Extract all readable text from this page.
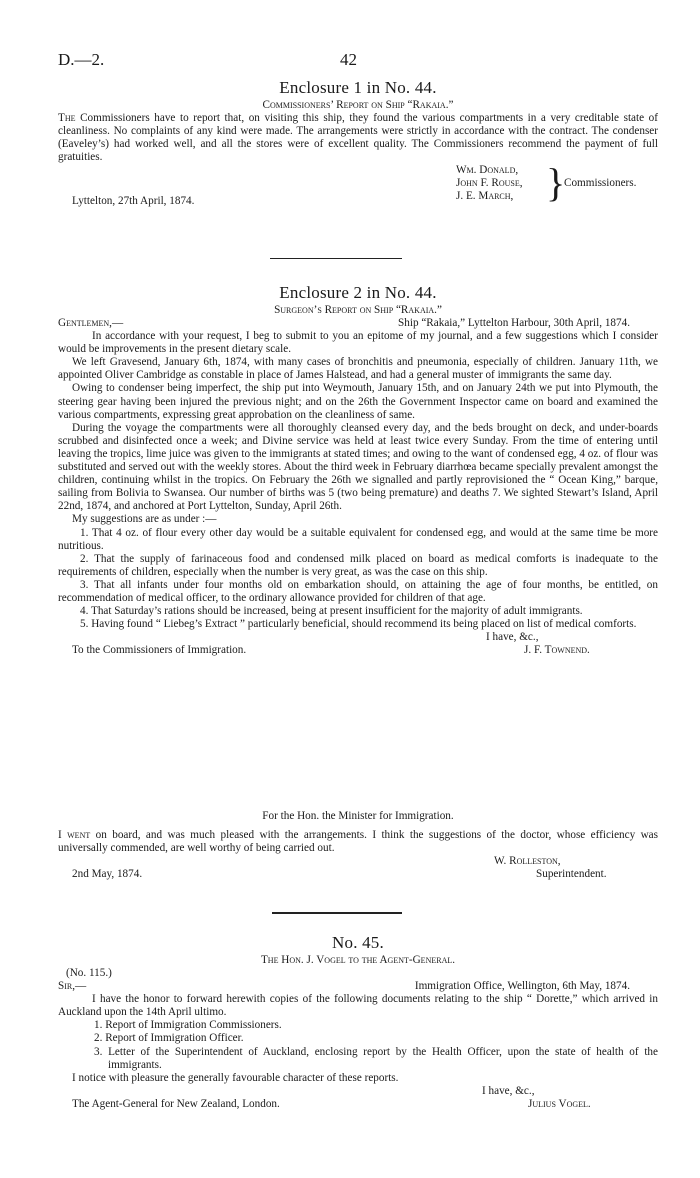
D.—2.	42
Enclosure 1 in No. 44.
Commissioners’ Report on Ship “Rakaia.”

The Commissioners have to report that, on visiting this ship, they found the various compartments in a very creditable state of cleanliness. No complaints of any kind were made. The arrangements were strictly in accordance with the contract. The condenser (Eaveley’s) had worked well, and all the stores were of excellent quality. The Commissioners recommend the payment of full gratuities.

Wm. Donald,
John F. Rouse,
J. E. March, }
Commissioners.
Lyttelton, 27th April, 1874.
Enclosure 2 in No. 44.
Surgeon’s Report on Ship “Rakaia.”
Gentlemen,—	Ship “Rakaia,” Lyttelton Harbour, 30th April, 1874.

In accordance with your request, I beg to submit to you an epitome of my journal, and a few suggestions which I consider would be improvements in the present dietary scale.

We left Gravesend, January 6th, 1874, with many cases of bronchitis and pneumonia, especially of children. January 11th, we appointed Oliver Cambridge as constable in place of James Halstead, and had a general muster of immigrants the same day.

Owing to condenser being imperfect, the ship put into Weymouth, January 15th, and on January 24th we put into Plymouth, the steering gear having been injured the previous night; and on the 26th the Government Inspector came on board and examined the various compartments, expressing great approbation on the cleanliness of same.

During the voyage the compartments were all thoroughly cleansed every day, and the beds brought on deck, and under-boards scrubbed and disinfected once a week; and Divine service was held at least twice every Sunday. From the time of entering until leaving the tropics, lime juice was given to the immigrants at stated times; and owing to the want of condensed egg, 4 oz. of flour was substituted and served out with the weekly stores. About the third week in February diarrhœa became specially prevalent amongst the children, continuing whilst in the tropics. On February the 26th we signalled and partly reprovisioned the “ Ocean King,” barque, sailing from Bolivia to Swansea. Our number of births was 5 (two being premature) and deaths 7. We sighted Stewart’s Island, April 22nd, 1874, and anchored at Port Lyttelton, Sunday, April 26th.

My suggestions are as under :—

1. That 4 oz. of flour every other day would be a suitable equivalent for condensed egg, and would at the same time be more nutritious.

2. That the supply of farinaceous food and condensed milk placed on board as medical comforts is inadequate to the requirements of children, especially when the number is very great, as was the case on this ship.

3. That all infants under four months old on embarkation should, on attaining the age of four months, be entitled, on recommendation of medical officer, to the ordinary allowance provided for children of that age.

4. That Saturday’s rations should be increased, being at present insufficient for the majority of adult immigrants.

5. Having found “ Liebeg’s Extract ” particularly beneficial, should recommend its being placed on list of medical comforts.

I have, &c.,
To the Commissioners of Immigration.	J. F. Townend.
For the Hon. the Minister for Immigration.

I went on board, and was much pleased with the arrangements. I think the suggestions of the doctor, whose efficiency was universally commended, are well worthy of being carried out.

W. Rolleston,
2nd May, 1874.	Superintendent.
No. 45.
The Hon. J. Vogel to the Agent-General.
(No. 115.)
Sir,—	Immigration Office, Wellington, 6th May, 1874.

I have the honor to forward herewith copies of the following documents relating to the ship “ Dorette,” which arrived in Auckland upon the 14th April ultimo.

1. Report of Immigration Commissioners.
2. Report of Immigration Officer.
3. Letter of the Superintendent of Auckland, enclosing report by the Health Officer, upon the state of health of the immigrants.

I notice with pleasure the generally favourable character of these reports.

I have, &c.,
The Agent-General for New Zealand, London.	Julius Vogel.
